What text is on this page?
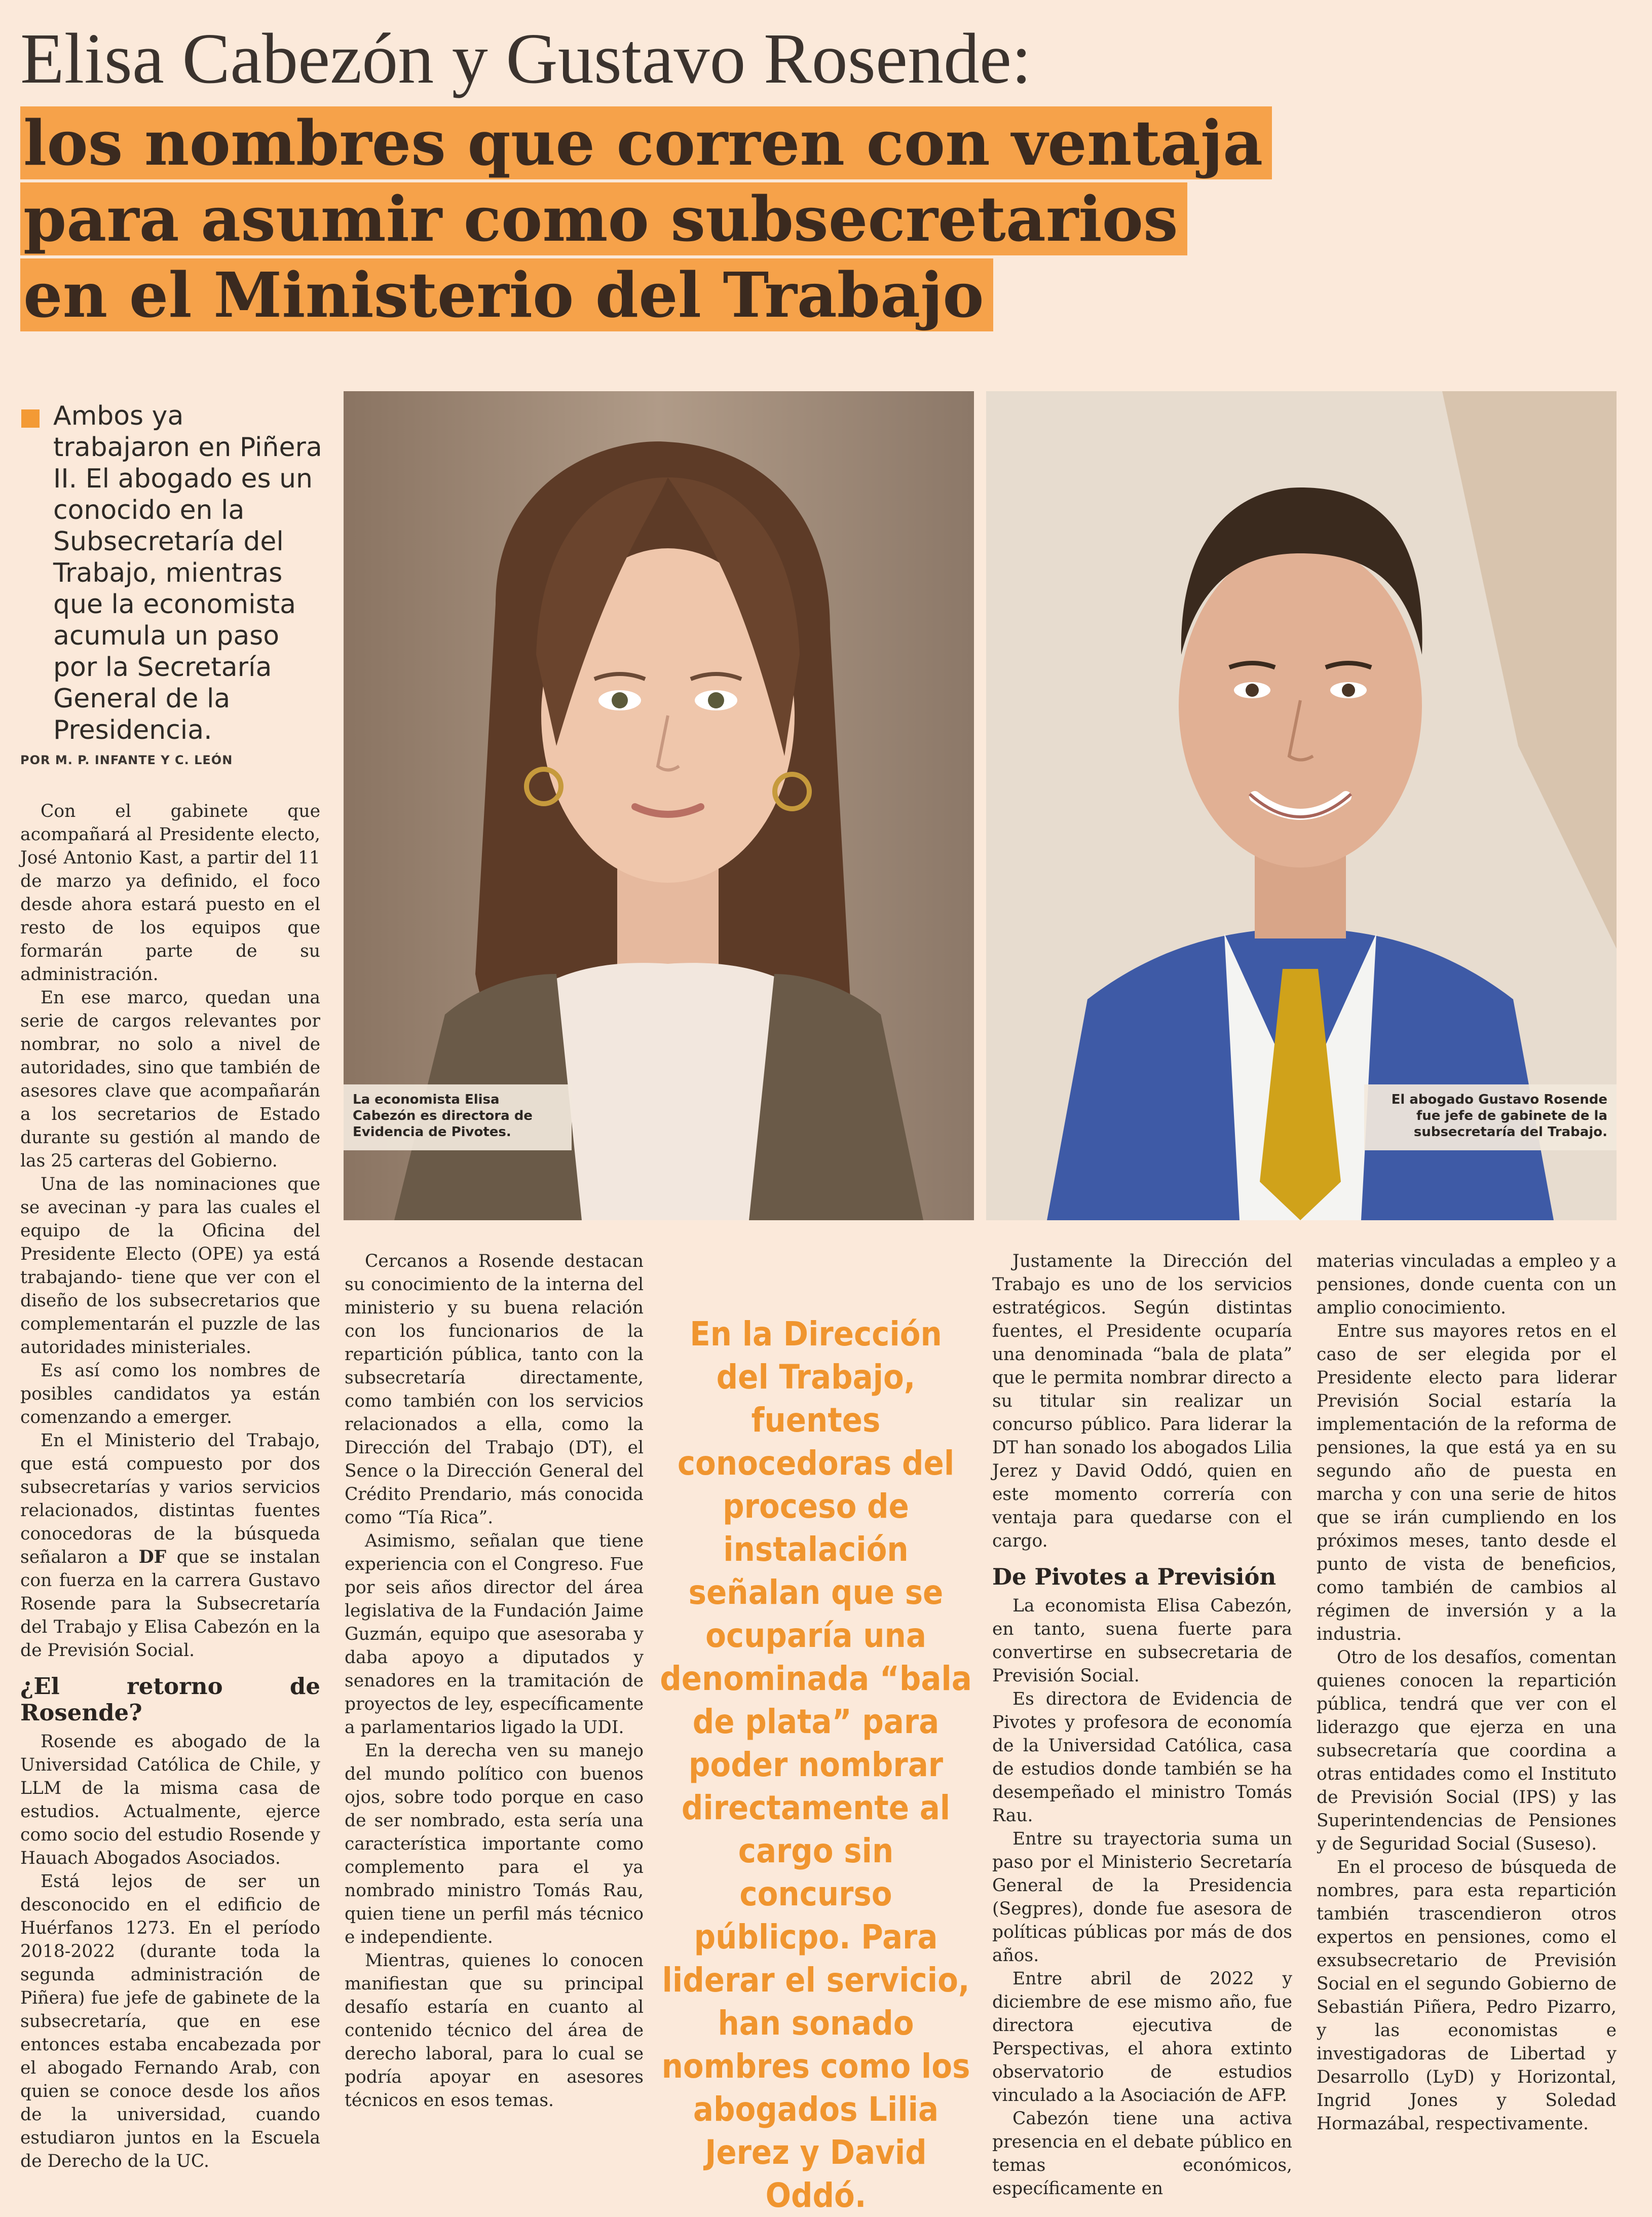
Elisa Cabezón y Gustavo Rosende:
los nombres que corren con ventaja
para asumir como subsecretarios
en el Ministerio del Trabajo
Ambos ya trabajaron en Piñera II. El abogado es un conocido en la Subsecretaría del Trabajo, mientras que la economista acumula un paso por la Secretaría General de la Presidencia.
POR M. P. INFANTE Y C. LEÓN

Con el gabinete que acompañará al Presidente electo, José Antonio Kast, a partir del 11 de marzo ya definido, el foco desde ahora estará puesto en el resto de los equipos que formarán parte de su administración.

En ese marco, quedan una serie de cargos relevantes por nombrar, no solo a nivel de autoridades, sino que también de asesores clave que acompañarán a los secretarios de Estado durante su gestión al mando de las 25 carteras del Gobierno.

Una de las nominaciones que se avecinan -y para las cuales el equipo de la Oficina del Presidente Electo (OPE) ya está trabajando- tiene que ver con el diseño de los subsecretarios que complementarán el puzzle de las autoridades ministeriales.

Es así como los nombres de posibles candidatos ya están comenzando a emerger.

En el Ministerio del Trabajo, que está compuesto por dos subsecretarías y varios servicios relacionados, distintas fuentes conocedoras de la búsqueda señalaron a DF que se instalan con fuerza en la carrera Gustavo Rosende para la Subsecretaría del Trabajo y Elisa Cabezón en la de Previsión Social.

¿El retorno de Rosende?

Rosende es abogado de la Universidad Católica de Chile, y LLM de la misma casa de estudios. Actualmente, ejerce como socio del estudio Rosende y Hauach Abogados Asociados.

Está lejos de ser un desconocido en el edificio de Huérfanos 1273. En el período 2018-2022 (durante toda la segunda administración de Piñera) fue jefe de gabinete de la subsecretaría, que en ese entonces estaba encabezada por el abogado Fernando Arab, con quien se conoce desde los años de la universidad, cuando estudiaron juntos en la Escuela de Derecho de la UC.

La economista Elisa Cabezón es directora de Evidencia de Pivotes.
El abogado Gustavo Rosende fue jefe de gabinete de la subsecretaría del Trabajo.

Cercanos a Rosende destacan su conocimiento de la interna del ministerio y su buena relación con los funcionarios de la repartición pública, tanto con la subsecretaría directamente, como también con los servicios relacionados a ella, como la Dirección del Trabajo (DT), el Sence o la Dirección General del Crédito Prendario, más conocida como “Tía Rica”.

Asimismo, señalan que tiene experiencia con el Congreso. Fue por seis años director del área legislativa de la Fundación Jaime Guzmán, equipo que asesoraba y daba apoyo a diputados y senadores en la tramitación de proyectos de ley, específicamente a parlamentarios ligado la UDI.

En la derecha ven su manejo del mundo político con buenos ojos, sobre todo porque en caso de ser nombrado, esta sería una característica importante como complemento para el ya nombrado ministro Tomás Rau, quien tiene un perfil más técnico e independiente.

Mientras, quienes lo conocen manifiestan que su principal desafío estaría en cuanto al contenido técnico del área de derecho laboral, para lo cual se podría apoyar en asesores técnicos en esos temas.

En la Dirección del Trabajo, fuentes conocedoras del proceso de instalación señalan que se ocuparía una denominada “bala de plata” para poder nombrar directamente al cargo sin concurso públicpo. Para liderar el servicio, han sonado nombres como los abogados Lilia Jerez y David Oddó.

Justamente la Dirección del Trabajo es uno de los servicios estratégicos. Según distintas fuentes, el Presidente ocuparía una denominada “bala de plata” que le permita nombrar directo a su titular sin realizar un concurso público. Para liderar la DT han sonado los abogados Lilia Jerez y David Oddó, quien en este momento correría con ventaja para quedarse con el cargo.

De Pivotes a Previsión

La economista Elisa Cabezón, en tanto, suena fuerte para convertirse en subsecretaria de Previsión Social.

Es directora de Evidencia de Pivotes y profesora de economía de la Universidad Católica, casa de estudios donde también se ha desempeñado el ministro Tomás Rau.

Entre su trayectoria suma un paso por el Ministerio Secretaría General de la Presidencia (Segpres), donde fue asesora de políticas públicas por más de dos años.

Entre abril de 2022 y diciembre de ese mismo año, fue directora ejecutiva de Perspectivas, el ahora extinto observatorio de estudios vinculado a la Asociación de AFP.

Cabezón tiene una activa presencia en el debate público en temas económicos, específicamente en

materias vinculadas a empleo y a pensiones, donde cuenta con un amplio conocimiento.

Entre sus mayores retos en el caso de ser elegida por el Presidente electo para liderar Previsión Social estaría la implementación de la reforma de pensiones, la que está ya en su segundo año de puesta en marcha y con una serie de hitos que se irán cumpliendo en los próximos meses, tanto desde el punto de vista de beneficios, como también de cambios al régimen de inversión y a la industria.

Otro de los desafíos, comentan quienes conocen la repartición pública, tendrá que ver con el liderazgo que ejerza en una subsecretaría que coordina a otras entidades como el Instituto de Previsión Social (IPS) y las Superintendencias de Pensiones y de Seguridad Social (Suseso).

En el proceso de búsqueda de nombres, para esta repartición también trascendieron otros expertos en pensiones, como el exsubsecretario de Previsión Social en el segundo Gobierno de Sebastián Piñera, Pedro Pizarro, y las economistas e investigadoras de Libertad y Desarrollo (LyD) y Horizontal, Ingrid Jones y Soledad Hormazábal, respectivamente.
